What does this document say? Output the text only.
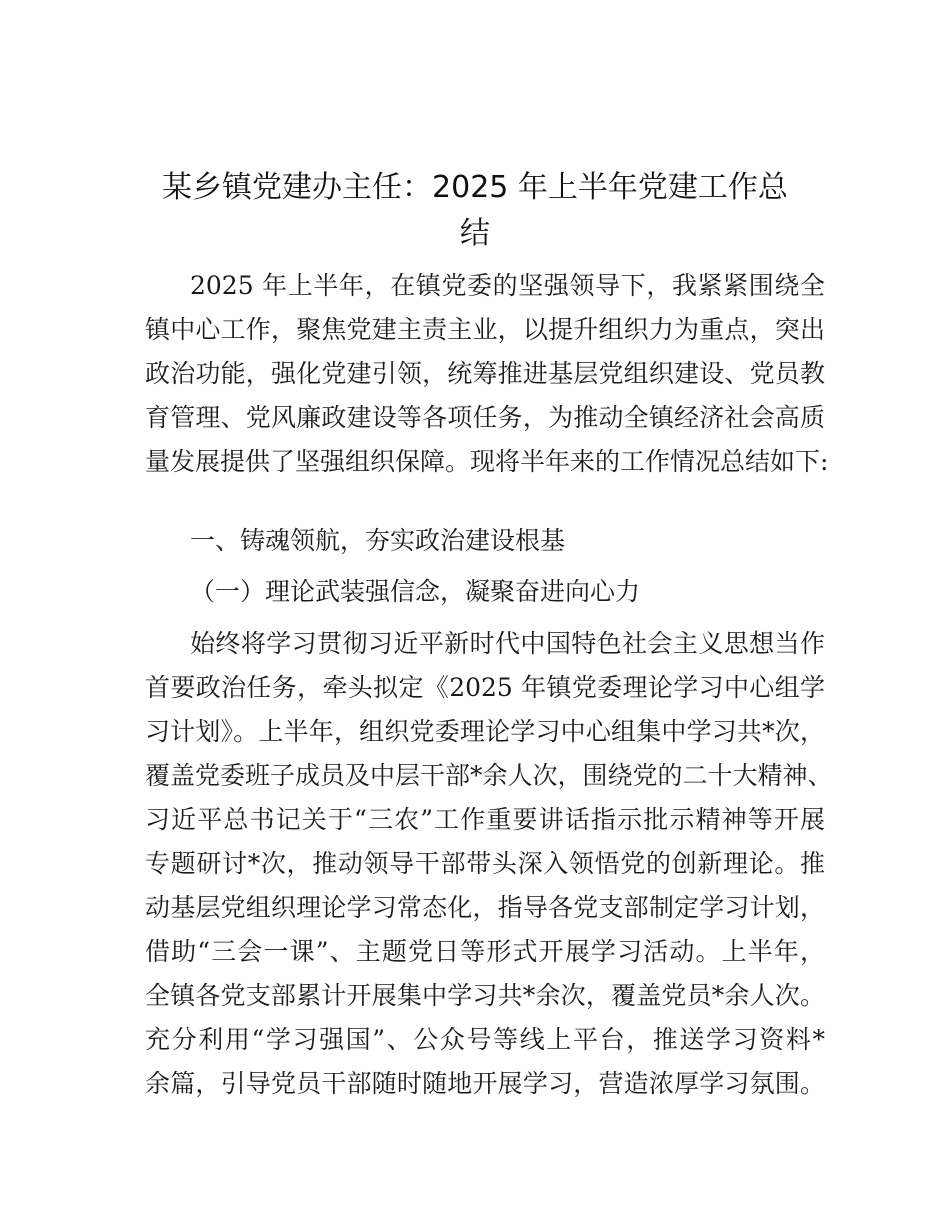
某乡镇党建办主任：2025 年上半年党建工作总
结
2025 年上半年，在镇党委的坚强领导下，我紧紧围绕全
镇中心工作，聚焦党建主责主业，以提升组织力为重点，突出
政治功能，强化党建引领，统筹推进基层党组织建设、党员教
育管理、党风廉政建设等各项任务，为推动全镇经济社会高质
量发展提供了坚强组织保障。现将半年来的工作情况总结如下:
一、铸魂领航，夯实政治建设根基
（一）理论武装强信念，凝聚奋进向心力
始终将学习贯彻习近平新时代中国特色社会主义思想当作
首要政治任务，牵头拟定《2025 年镇党委理论学习中心组学
习计划》。上半年，组织党委理论学习中心组集中学习共*次，
覆盖党委班子成员及中层干部*余人次，围绕党的二十大精神、
习近平总书记关于“三农”工作重要讲话指示批示精神等开展
专题研讨*次，推动领导干部带头深入领悟党的创新理论。推
动基层党组织理论学习常态化，指导各党支部制定学习计划，
借助“三会一课”、主题党日等形式开展学习活动。上半年，
全镇各党支部累计开展集中学习共*余次，覆盖党员*余人次。
充分利用“学习强国”、公众号等线上平台，推送学习资料*
余篇，引导党员干部随时随地开展学习，营造浓厚学习氛围。
